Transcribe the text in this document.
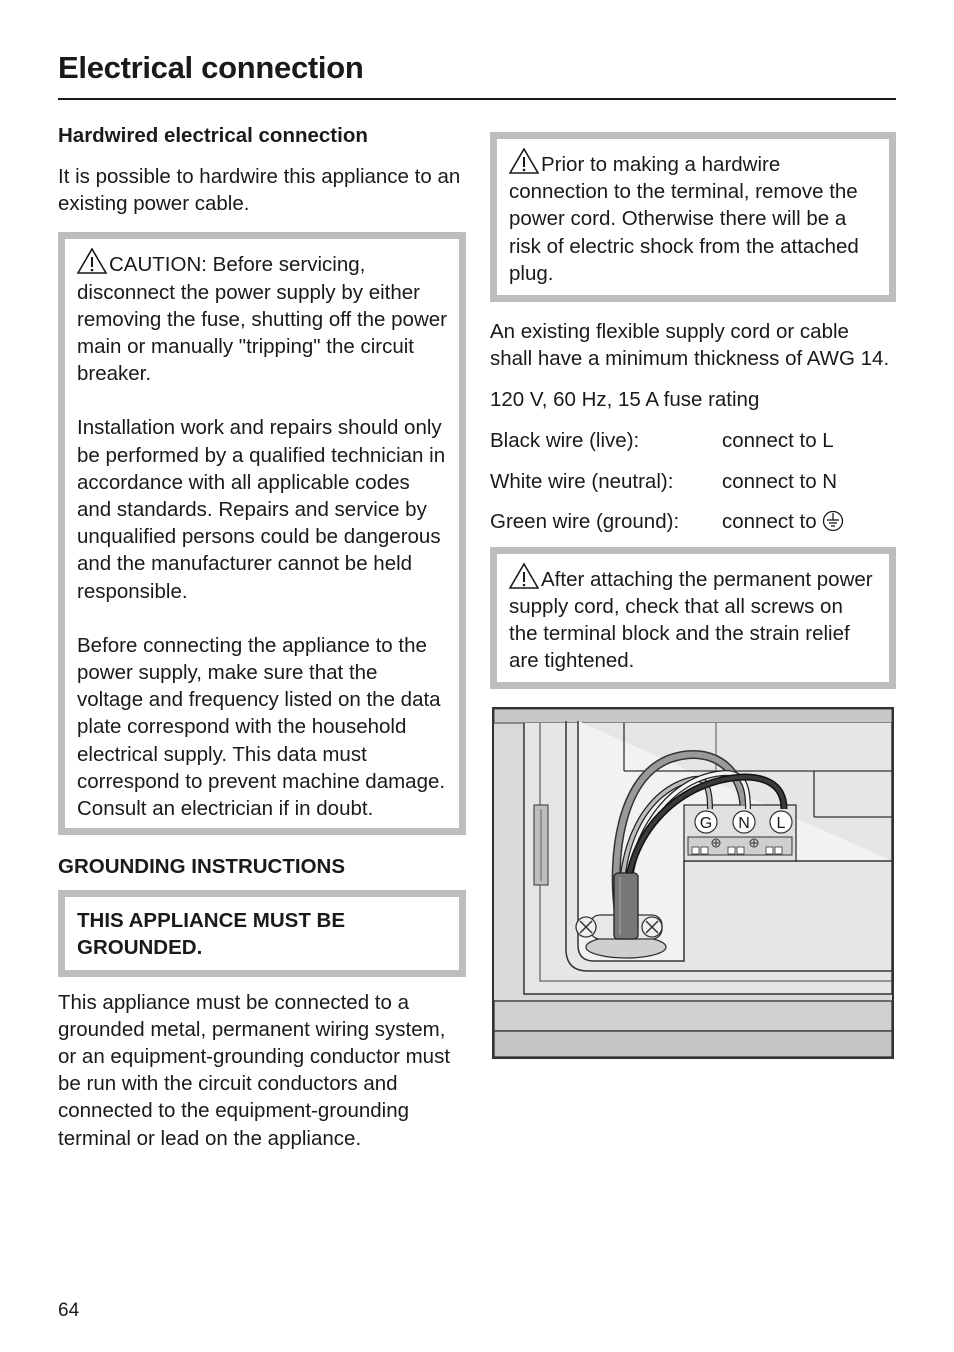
Electrical connection
Hardwired electrical connection

It is possible to hardwire this appliance to an existing power cable.

CAUTION: Before servicing, disconnect the power supply by either removing the fuse, shutting off the power main or manually "tripping" the circuit breaker.

Installation work and repairs should only be performed by a qualified technician in accordance with all applicable codes and standards. Repairs and service by unqualified persons could be dangerous and the manufacturer cannot be held responsible.

Before connecting the appliance to the power supply, make sure that the voltage and frequency listed on the data plate correspond with the household electrical supply. This data must correspond to prevent machine damage. Consult an electrician if in doubt.

GROUNDING INSTRUCTIONS

THIS APPLIANCE MUST BE GROUNDED.

This appliance must be connected to a grounded metal, permanent wiring system, or an equipment-grounding conductor must be run with the circuit conductors and connected to the equipment-grounding terminal or lead on the appliance.

Prior to making a hardwire connection to the terminal, remove the power cord. Otherwise there will be a risk of electric shock from the attached plug.

An existing flexible supply cord or cable shall have a minimum thickness of AWG 14.

120 V, 60 Hz, 15 A fuse rating

Black wire (live):	connect to L
White wire (neutral):	connect to N
Green wire (ground):	connect to

After attaching the permanent power supply cord, check that all screws on the terminal block and the strain relief are tightened.

G N L
64
